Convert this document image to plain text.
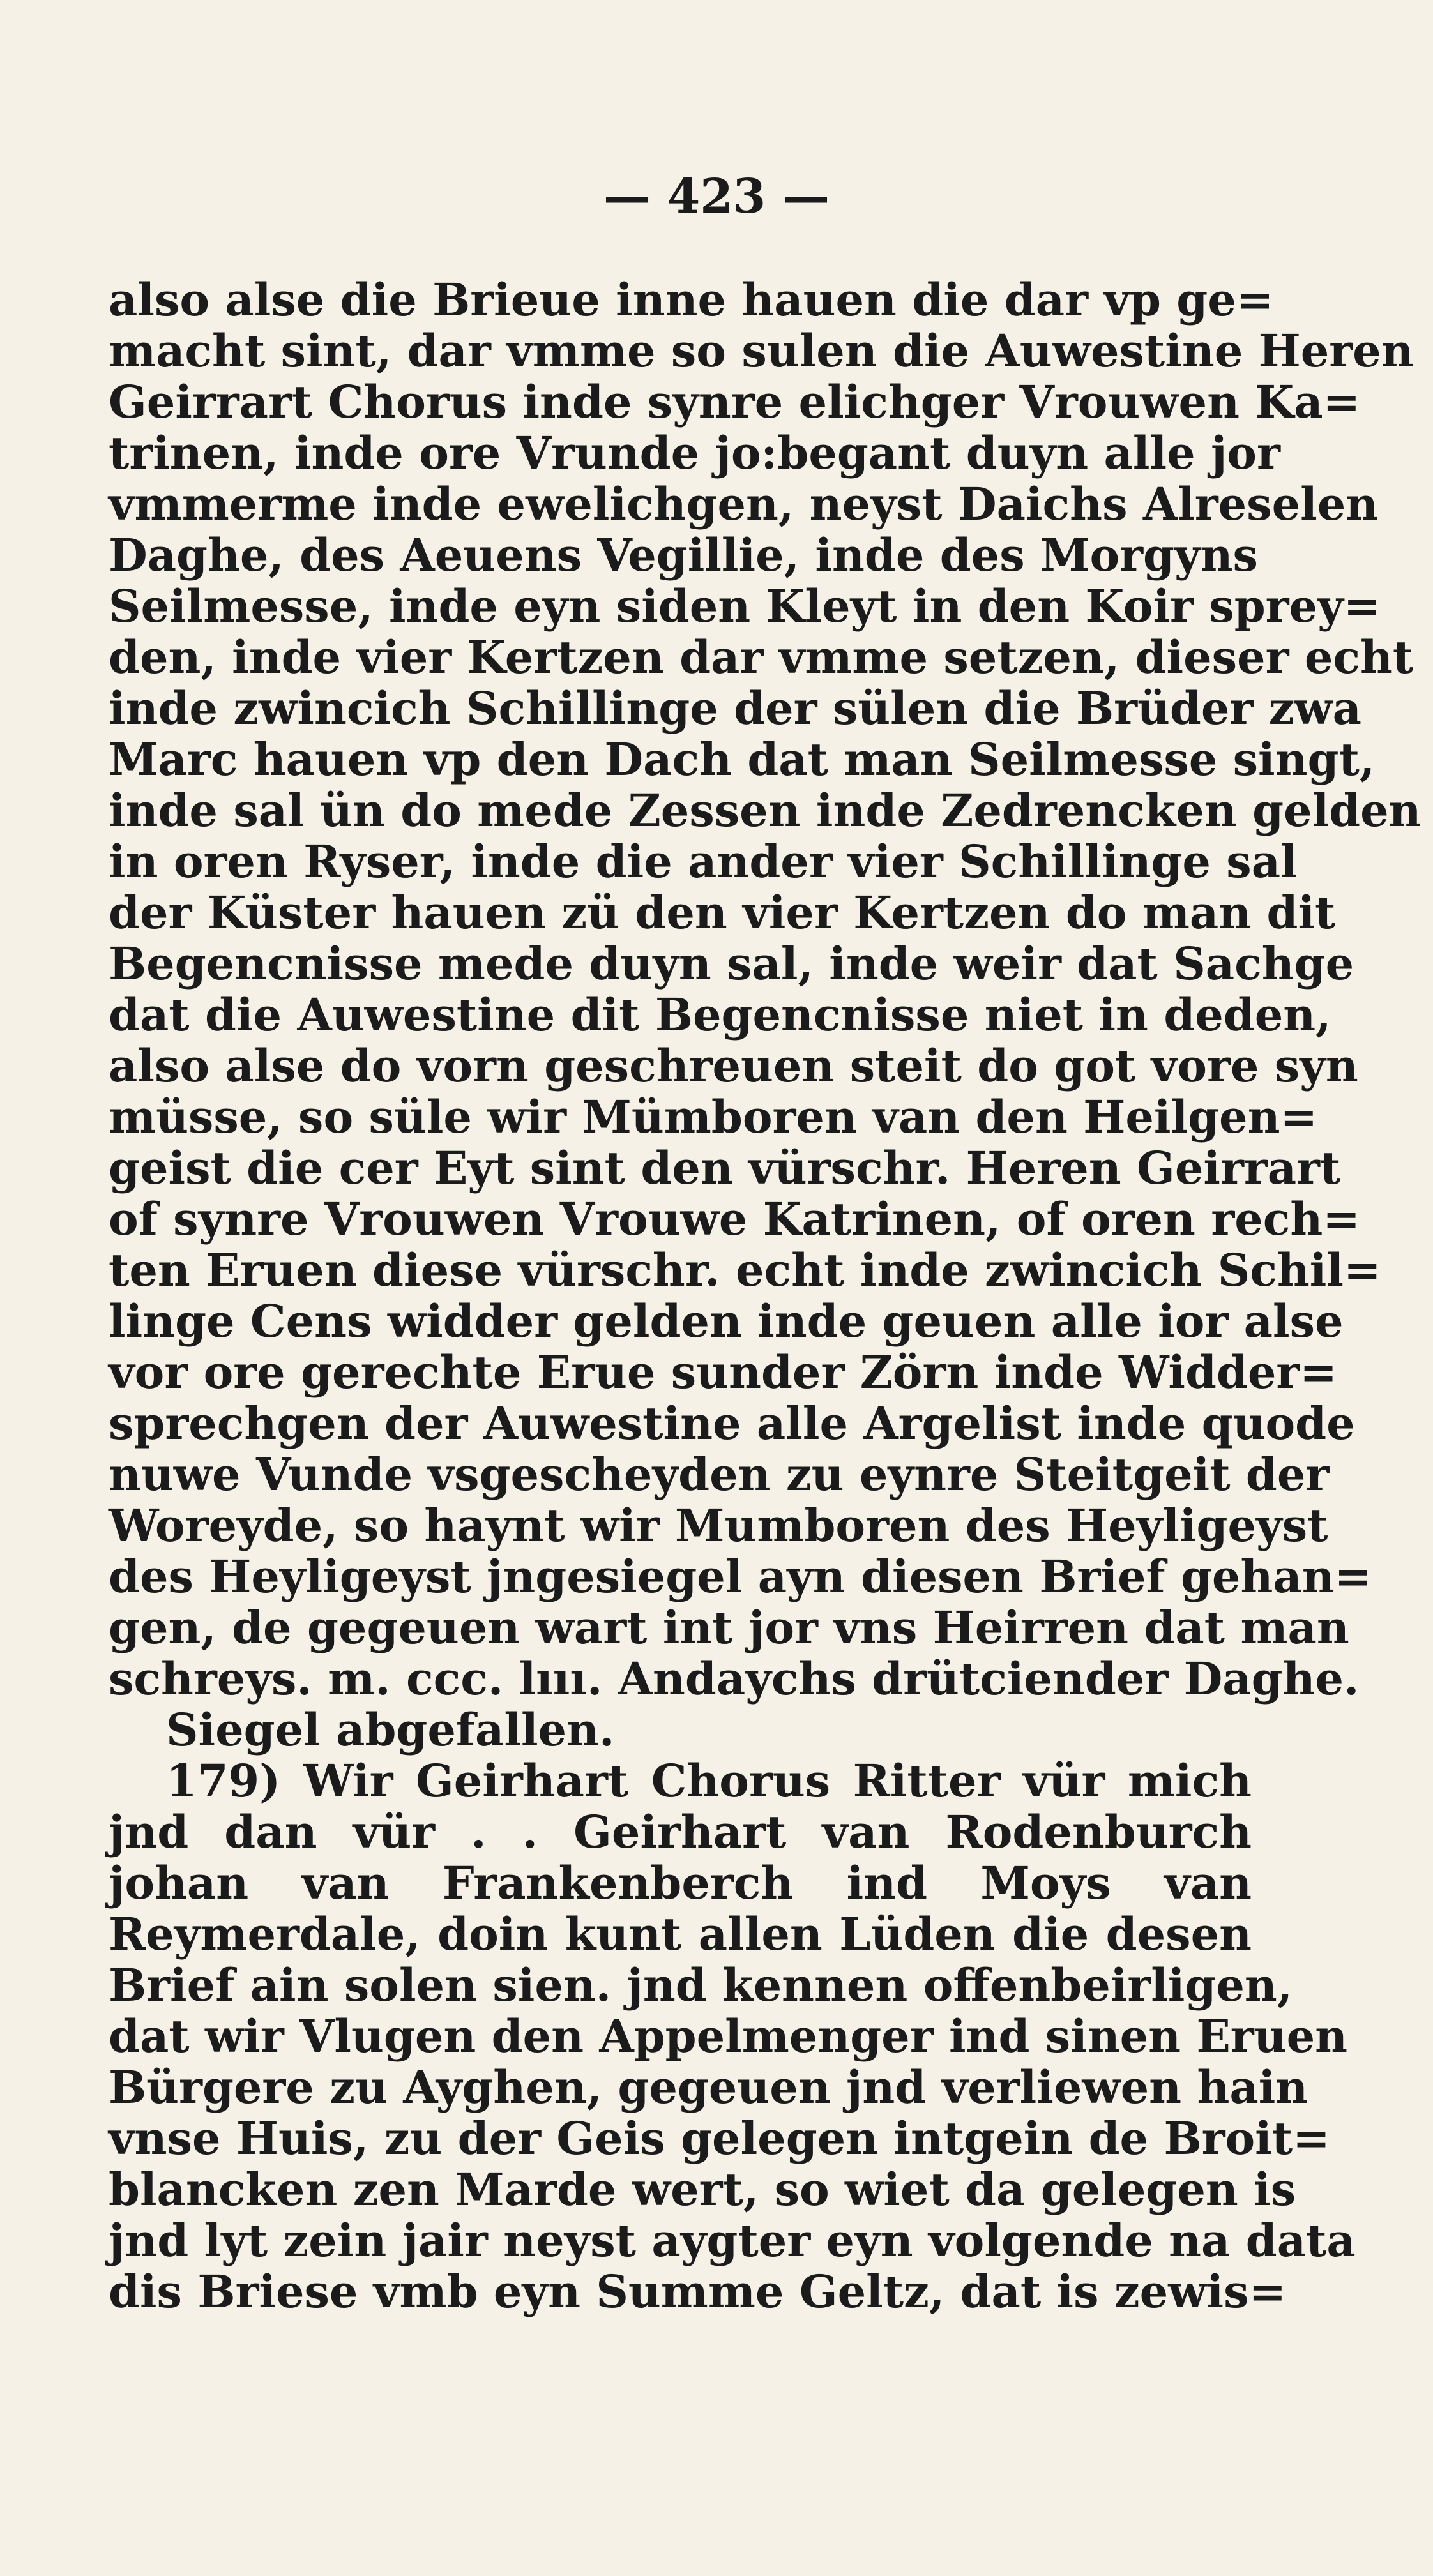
— 423 —
also alse die Brieue inne hauen die dar vp ge=
macht sint, dar vmme so sulen die Auwestine Heren
Geirrart Chorus inde synre elichger Vrouwen Ka=
trinen, inde ore Vrunde jo:begant duyn alle jor
vmmerme inde ewelichgen, neyst Daichs Alreselen
Daghe, des Aeuens Vegillie, inde des Morgyns
Seilmesse, inde eyn siden Kleyt in den Koir sprey=
den, inde vier Kertzen dar vmme setzen, dieser echt
inde zwincich Schillinge der sülen die Brüder zwa
Marc hauen vp den Dach dat man Seilmesse singt,
inde sal ün do mede Zessen inde Zedrencken gelden
in oren Ryser, inde die ander vier Schillinge sal
der Küster hauen zü den vier Kertzen do man dit
Begencnisse mede duyn sal, inde weir dat Sachge
dat die Auwestine dit Begencnisse niet in deden,
also alse do vorn geschreuen steit do got vore syn
müsse, so süle wir Mümboren van den Heilgen=
geist die cer Eyt sint den vürschr. Heren Geirrart
of synre Vrouwen Vrouwe Katrinen, of oren rech=
ten Eruen diese vürschr. echt inde zwincich Schil=
linge Cens widder gelden inde geuen alle ior alse
vor ore gerechte Erue sunder Zörn inde Widder=
sprechgen der Auwestine alle Argelist inde quode
nuwe Vunde vsgescheyden zu eynre Steitgeit der
Woreyde, so haynt wir Mumboren des Heyligeyst
des Heyligeyst jngesiegel ayn diesen Brief gehan=
gen, de gegeuen wart int jor vns Heirren dat man
schreys. m. ccc. lııı. Andaychs drütciender Daghe.
Siegel abgefallen.
179) Wir Geirhart Chorus Ritter vür mich
jnd dan vür . . Geirhart van Rodenburch
johan van Frankenberch ind Moys van
Reymerdale, doin kunt allen Lüden die desen
Brief ain solen sien. jnd kennen offenbeirligen,
dat wir Vlugen den Appelmenger ind sinen Eruen
Bürgere zu Ayghen, gegeuen jnd verliewen hain
vnse Huis, zu der Geis gelegen intgein de Broit=
blancken zen Marde wert, so wiet da gelegen is
jnd lyt zein jair neyst aygter eyn volgende na data
dis Briese vmb eyn Summe Geltz, dat is zewis=
